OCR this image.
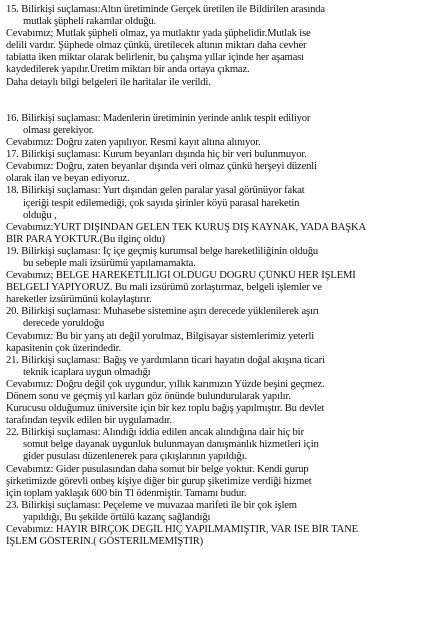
15. Bilirkişi suçlaması:Altın üretiminde Gerçek üretilen ile Bildirilen arasında
mutlak şüpheli rakamlar olduğu.
Cevabımız; Mutlak şüpheli olmaz, ya mutlaktır yada şüphelidir.Mutlak ise
delili vardır. Şüphede olmaz çünkü, üretilecek altının miktarı daha cevher
tabiatta iken miktar olarak belirlenir, bu çalışma yıllar içinde her aşaması
kaydedilerek yapılır.Üretim miktarı bir anda ortaya çıkmaz.
Daha detaylı bilgi belgeleri ile haritalar ile verildi.
16. Bilirkişi suçlaması: Madenlerin üretiminin yerinde anlık tespit ediliyor
olması gerekiyor.
Cevabımız: Doğru zaten yapılıyor. Resmi kayıt altına alınıyor.
17. Bilirkişi suçlaması: Kurum beyanları dışında hiç bir veri bulunmuyor.
Cevabımız: Doğru, zaten beyanlar dışında veri olmaz çünkü herşeyi düzenli
olarak ilan ve beyan ediyoruz.
18. Bilirkişi suçlaması: Yurt dışından gelen paralar yasal görünüyor fakat
içeriği tespit edilemediği, çok sayıda şirinler köyü parasal hareketin
olduğu ,
Cevabımız:YURT DIŞINDAN GELEN TEK KURUŞ DIŞ KAYNAK, YADA BAŞKA
BİR PARA YOKTUR.(Bu ilginç oldu)
19. Bilirkişi suçlaması: İç içe geçmiş kurumsal belge hareketliliğinin olduğu
bu sebeple mali izsürümü yapılamamakta.
Cevabımız; BELGE HAREKETLİLİĞİ OLDUĞU DOGRU ÇÜNKÜ HER İŞLEMİ
BELGELİ YAPIYORUZ. Bu mali izsürümü zorlaştırmaz, belgeli işlemler ve
hareketler izsürümünü kolaylaştırır.
20. Bilirkişi suçlaması: Muhasebe sistemine aşırı derecede yüklenilerek aşırı
derecede yoruldoğu
Cevabımız: Bu bir yarış atı değil yorulmaz, Bilgisayar sistemlerimiz yeterli
kapasitenin çok üzerindedir.
21. Bilirkişi suçlaması: Bağış ve yardımların ticari hayatın doğal akışına ticari
teknik icaplara uygun olmadığı
Cevabımız: Doğru değil çok uygundur, yıllık karımızın Yüzde beşini geçmez.
Dönem sonu ve geçmiş yıl karları göz önünde bulundurularak yapılır.
Kurucusu olduğumuz üniversite için bir kez toplu bağış yapılmıştır. Bu devlet
tarafından teşvik edilen bir uygulamadır.
22. Bilirkişi suçlaması: Alındığı iddia edilen ancak alındığına dair hiç bir
somut belge dayanak uygunluk bulunmayan danışmanlık hizmetleri için
gider pusulası düzenlenerek para çıkışlarının yapıldığı.
Cevabımız: Gider pusulasından daha somut bir belge yoktur. Kendi gurup
şirketimizde görevli onbeş kişiye diğer bir gurup şiketimize verdiği hizmet
için toplam yaklaşık 600 bin Tl ödenmiştir. Tamamı budur.
23. Bilirkişi suçlaması: Peçeleme ve muvazaa marifeti ile bir çok işlem
yapıldığı, Bu şekilde örtülü kazanç sağlandığı
Cevabımız: HAYIR BİRÇOK DEĞİL HİÇ YAPILMAMIŞTIR, VAR İSE BİR TANE
İŞLEM GÖSTERİN.( GÖSTERİLMEMİŞTİR)
